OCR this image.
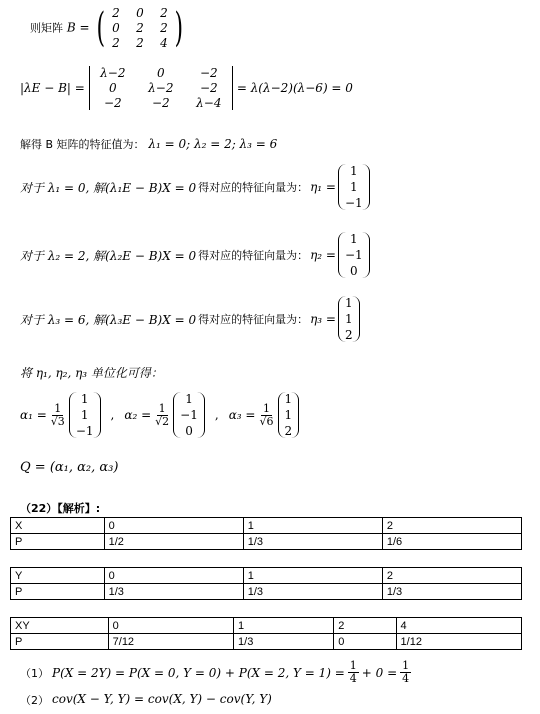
则矩阵 B = ( 2 0 2
0 2 2
2 2 4 )
|λE − B| =
λ−2	0	−2
0	λ−2	−2
−2	−2	λ−4
= λ(λ−2)(λ−6) = 0
解得 B 矩阵的特征值为： λ₁ = 0; λ₂ = 2; λ₃ = 6
对于 λ₁ = 0, 解(λ₁E − B)X = 0 得对应的特征向量为： η₁ =
1
1
−1
对于 λ₂ = 2, 解(λ₂E − B)X = 0 得对应的特征向量为： η₂ =
1
−1
0
对于 λ₃ = 6, 解(λ₃E − B)X = 0 得对应的特征向量为： η₃ =
1
1
2
将 η₁, η₂, η₃ 单位化可得：
$\alpha_1 = \frac{1}{√3}$
1
1
−1
, $\alpha_2 = \frac{1}{√2}$
1
−1
0
, $\alpha_3 = \frac{1}{√6}$
1
1
2
Q = (α₁, α₂, α₃)
（22）【解析】:
X	0	1	2
P	1/2	1/3	1/6
Y	0	1	2
P	1/3	1/3	1/3
XY	0	1	2	4
P	7/12	1/3	0	1/12
（1） P(X = 2Y) = P(X = 0, Y = 0) + P(X = 2, $Y = 1) = \frac{1}{4} + 0 = \frac{1}{4}$
（2） cov(X − Y, Y) = cov(X, Y) − cov(Y, Y)
